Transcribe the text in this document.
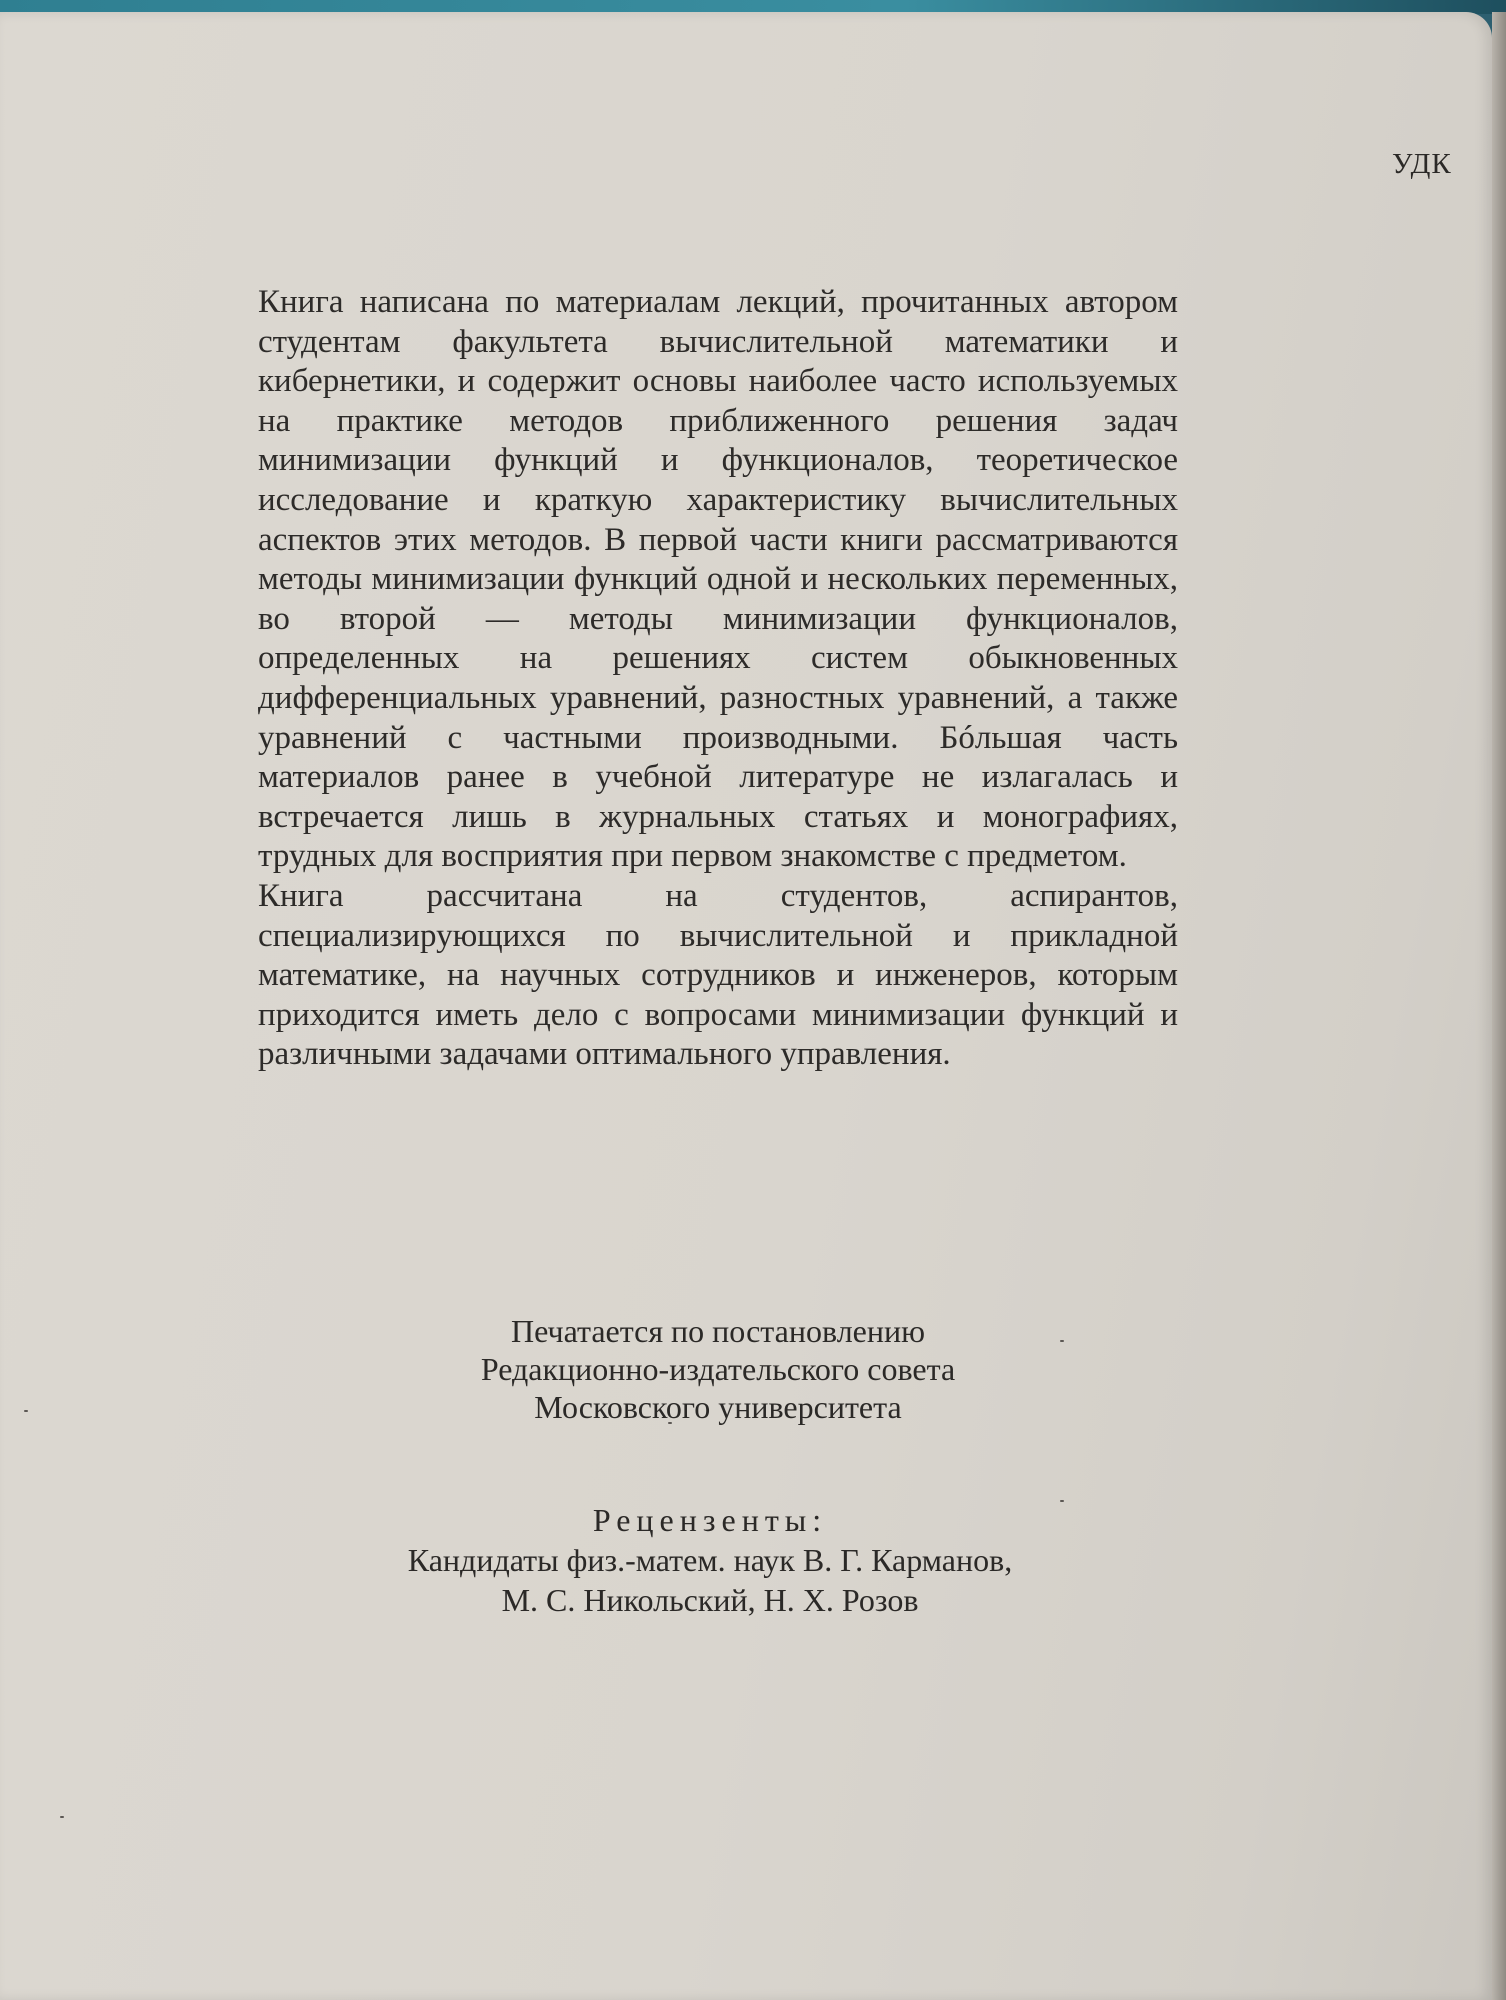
УДК

Книга написана по материалам лекций, прочитанных автором студентам факультета вычислительной математики и кибернетики, и содержит основы наиболее часто используемых на практике методов приближенного решения задач минимизации функций и функционалов, теоретическое исследование и краткую характеристику вычислительных аспектов этих методов. В первой части книги рассматриваются методы минимизации функций одной и нескольких переменных, во второй — методы минимизации функционалов, определенных на решениях систем обыкновенных дифференциальных уравнений, разностных уравнений, а также уравнений с частными производными. Бóльшая часть материалов ранее в учебной литературе не излагалась и встречается лишь в журнальных статьях и монографиях, трудных для восприятия при первом знакомстве с предметом.

Книга рассчитана на студентов, аспирантов, специализирующихся по вычислительной и прикладной математике, на научных сотрудников и инженеров, которым приходится иметь дело с вопросами минимизации функций и различными задачами оптимального управления.

Печатается по постановлению
Редакционно-издательского совета
Московского университета
Рецензенты:
Кандидаты физ.-матем. наук В. Г. Карманов,
М. С. Никольский, Н. Х. Розов
